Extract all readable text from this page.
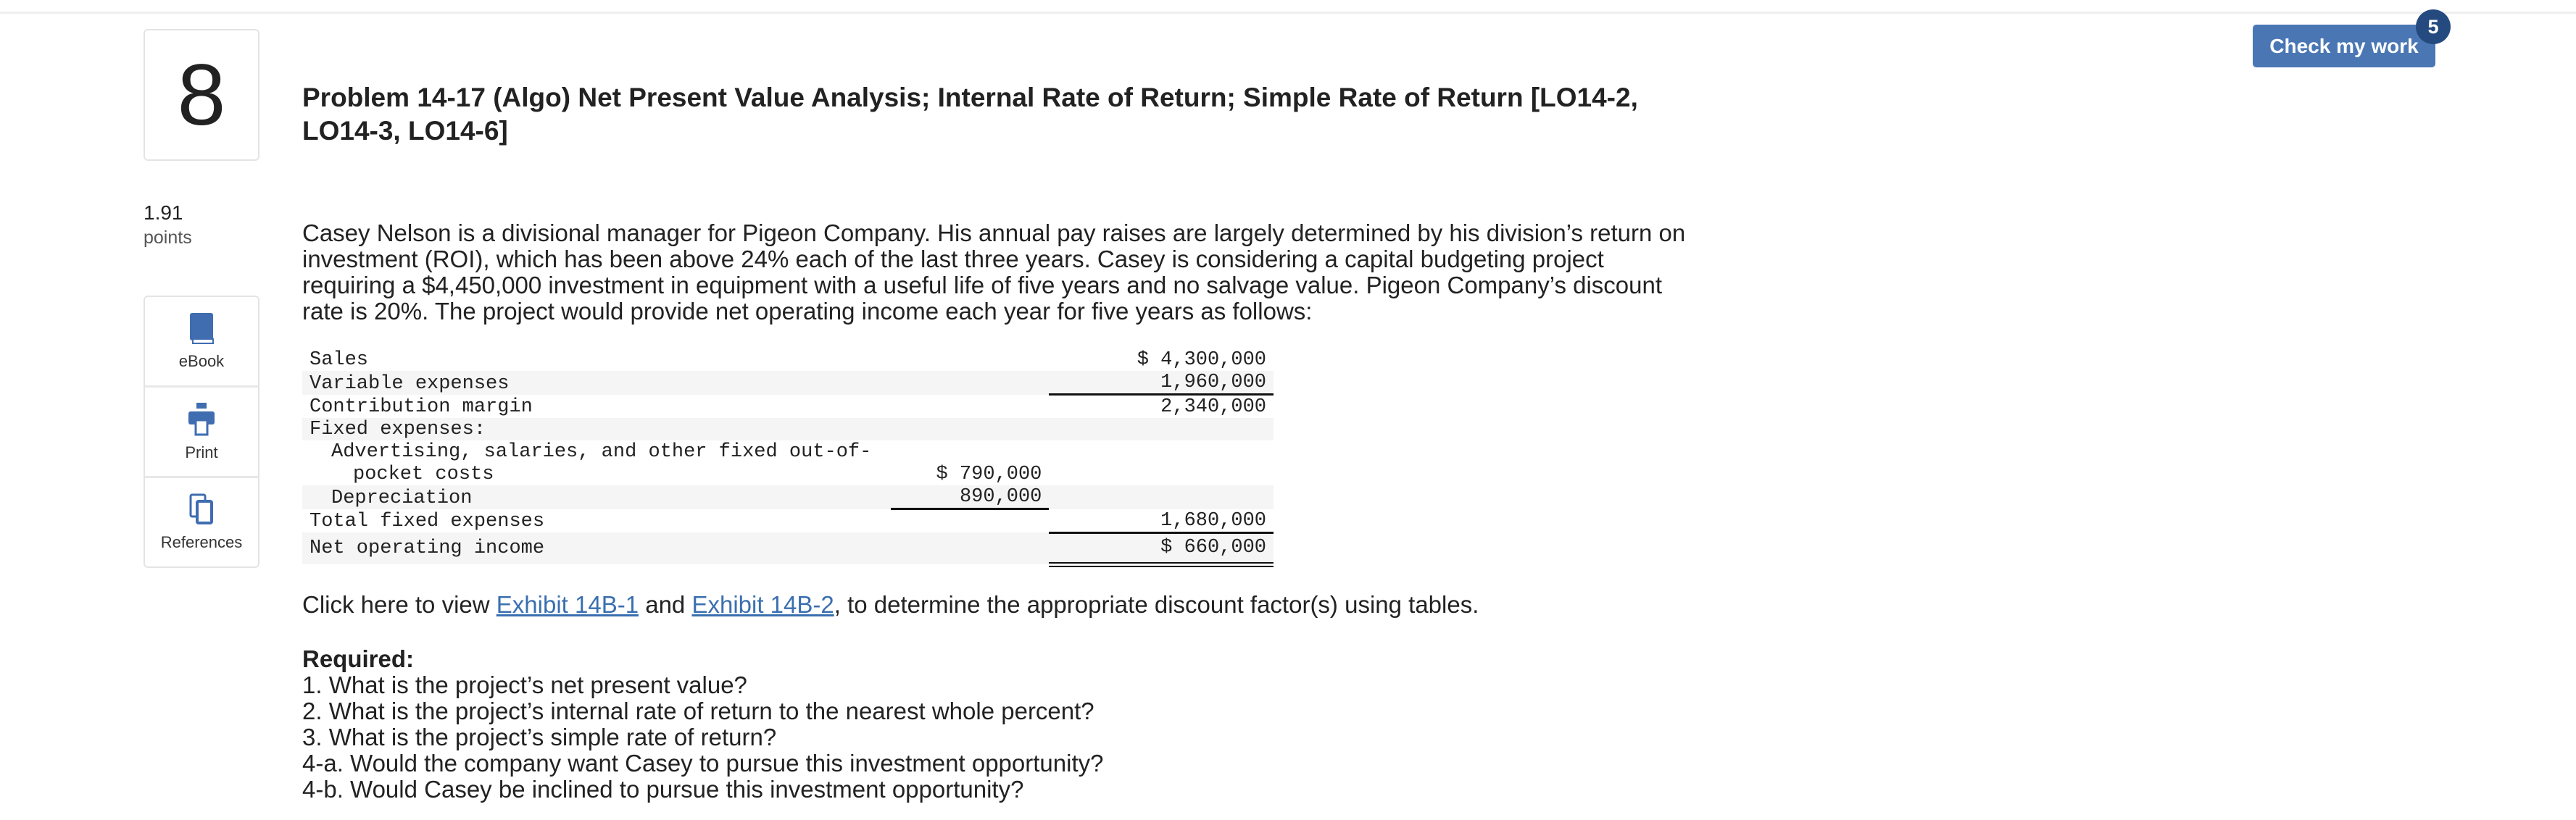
Check my work
5
8	Problem 14-17 (Algo) Net Present Value Analysis; Internal Rate of Return; Simple Rate of Return [LO14-2, LO14-3, LO14-6]
1.91
points
eBook
Print
References
Casey Nelson is a divisional manager for Pigeon Company. His annual pay raises are largely determined by his division’s return on investment (ROI), which has been above 24% each of the last three years. Casey is considering a capital budgeting project requiring a $4,450,000 investment in equipment with a useful life of five years and no salvage value. Pigeon Company’s discount rate is 20%. The project would provide net operating income each year for five years as follows:
Sales		$ 4,300,000
Variable expenses		1,960,000
Contribution margin		2,340,000
Fixed expenses:		
Advertising, salaries, and other fixed out-of-		
pocket costs	$ 790,000	
Depreciation	890,000	
Total fixed expenses		1,680,000
Net operating income		$ 660,000
Click here to view Exhibit 14B-1 and Exhibit 14B-2, to determine the appropriate discount factor(s) using tables.
Required:
1. What is the project’s net present value?
2. What is the project’s internal rate of return to the nearest whole percent?
3. What is the project’s simple rate of return?
4-a. Would the company want Casey to pursue this investment opportunity?
4-b. Would Casey be inclined to pursue this investment opportunity?
